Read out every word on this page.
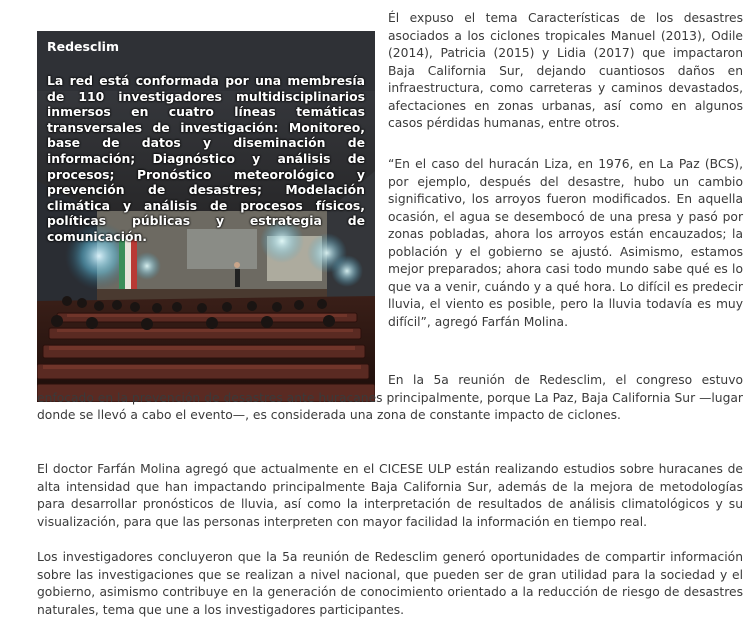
Redesclim

La red está conformada por una membresía de 110 investigadores multidisciplinarios inmersos en cuatro líneas temáticas transversales de investigación: Monitoreo, base de datos y diseminación de información; Diagnóstico y análisis de procesos; Pronóstico meteorológico y prevención de desastres; Modelación climática y análisis de procesos físicos, políticas públicas y estrategia de comunicación.

Él expuso el tema Características de los desastres asociados a los ciclones tropicales Manuel (2013), Odile (2014), Patricia (2015) y Lidia (2017) que impactaron Baja California Sur, dejando cuantiosos daños en infraestructura, como carreteras y caminos devastados, afectaciones en zonas urbanas, así como en algunos casos pérdidas humanas, entre otros.

“En el caso del huracán Liza, en 1976, en La Paz (BCS), por ejemplo, después del desastre, hubo un cambio significativo, los arroyos fueron modificados. En aquella ocasión, el agua se desembocó de una presa y pasó por zonas pobladas, ahora los arroyos están encauzados; la población y el gobierno se ajustó. Asimismo, estamos mejor preparados; ahora casi todo mundo sabe qué es lo que va a venir, cuándo y a qué hora. Lo difícil es predecir lluvia, el viento es posible, pero la lluvia todavía es muy difícil”, agregó Farfán Molina.

En la 5a reunión de Redesclim, el congreso estuvo enfocado en la prevención de desastres ante huracanes principalmente, porque La Paz, Baja California Sur —lugar donde se llevó a cabo el evento—, es considerada una zona de constante impacto de ciclones.

El doctor Farfán Molina agregó que actualmente en el CICESE ULP están realizando estudios sobre huracanes de alta intensidad que han impactando principalmente Baja California Sur, además de la mejora de metodologías para desarrollar pronósticos de lluvia, así como la interpretación de resultados de análisis climatológicos y su visualización, para que las personas interpreten con mayor facilidad la información en tiempo real.

Los investigadores concluyeron que la 5a reunión de Redesclim generó oportunidades de compartir información sobre las investigaciones que se realizan a nivel nacional, que pueden ser de gran utilidad para la sociedad y el gobierno, asimismo contribuye en la generación de conocimiento orientado a la reducción de riesgo de desastres naturales, tema que une a los investigadores participantes.
